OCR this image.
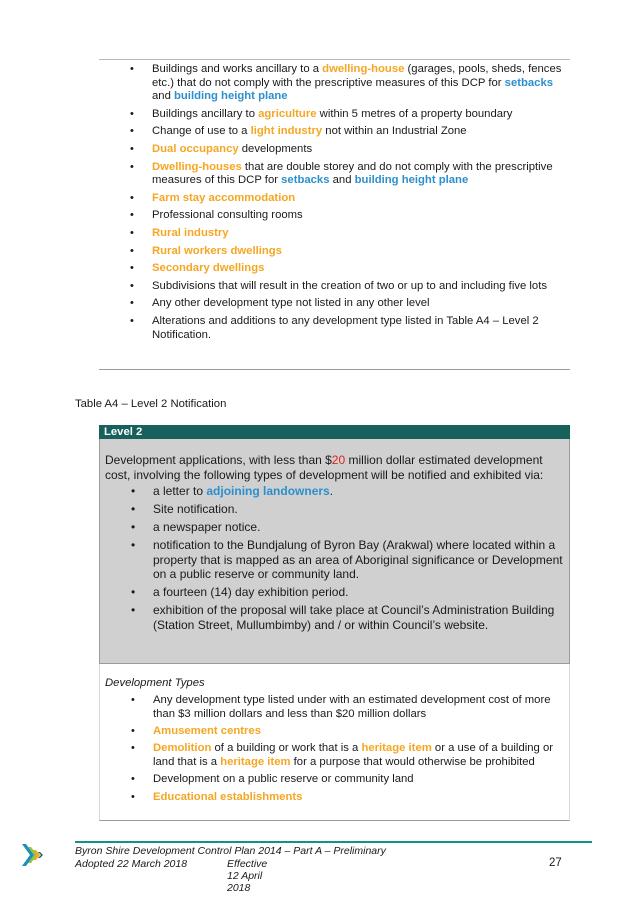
• Buildings and works ancillary to a dwelling-house (garages, pools, sheds, fences etc.) that do not comply with the prescriptive measures of this DCP for setbacks and building height plane
• Buildings ancillary to agriculture within 5 metres of a property boundary
• Change of use to a light industry not within an Industrial Zone
• Dual occupancy developments
• Dwelling-houses that are double storey and do not comply with the prescriptive measures of this DCP for setbacks and building height plane
• Farm stay accommodation
• Professional consulting rooms
• Rural industry
• Rural workers dwellings
• Secondary dwellings
• Subdivisions that will result in the creation of two or up to and including five lots
• Any other development type not listed in any other level
• Alterations and additions to any development type listed in Table A4 – Level 2 Notification.
Table A4 – Level 2 Notification
Level 2
Development applications, with less than $20 million dollar estimated development cost, involving the following types of development will be notified and exhibited via:
• a letter to adjoining landowners.
• Site notification.
• a newspaper notice.
• notification to the Bundjalung of Byron Bay (Arakwal) where located within a property that is mapped as an area of Aboriginal significance or Development on a public reserve or community land.
• a fourteen (14) day exhibition period.
• exhibition of the proposal will take place at Council’s Administration Building (Station Street, Mullumbimby) and / or within Council’s website.
Development Types
• Any development type listed under with an estimated development cost of more than $3 million dollars and less than $20 million dollars
• Amusement centres
• Demolition of a building or work that is a heritage item or a use of a building or land that is a heritage item for a purpose that would otherwise be prohibited
• Development on a public reserve or community land
• Educational establishments
Byron Shire Development Control Plan 2014 – Part A – Preliminary
Adopted 22 March 2018	Effective 12 April 2018
27
